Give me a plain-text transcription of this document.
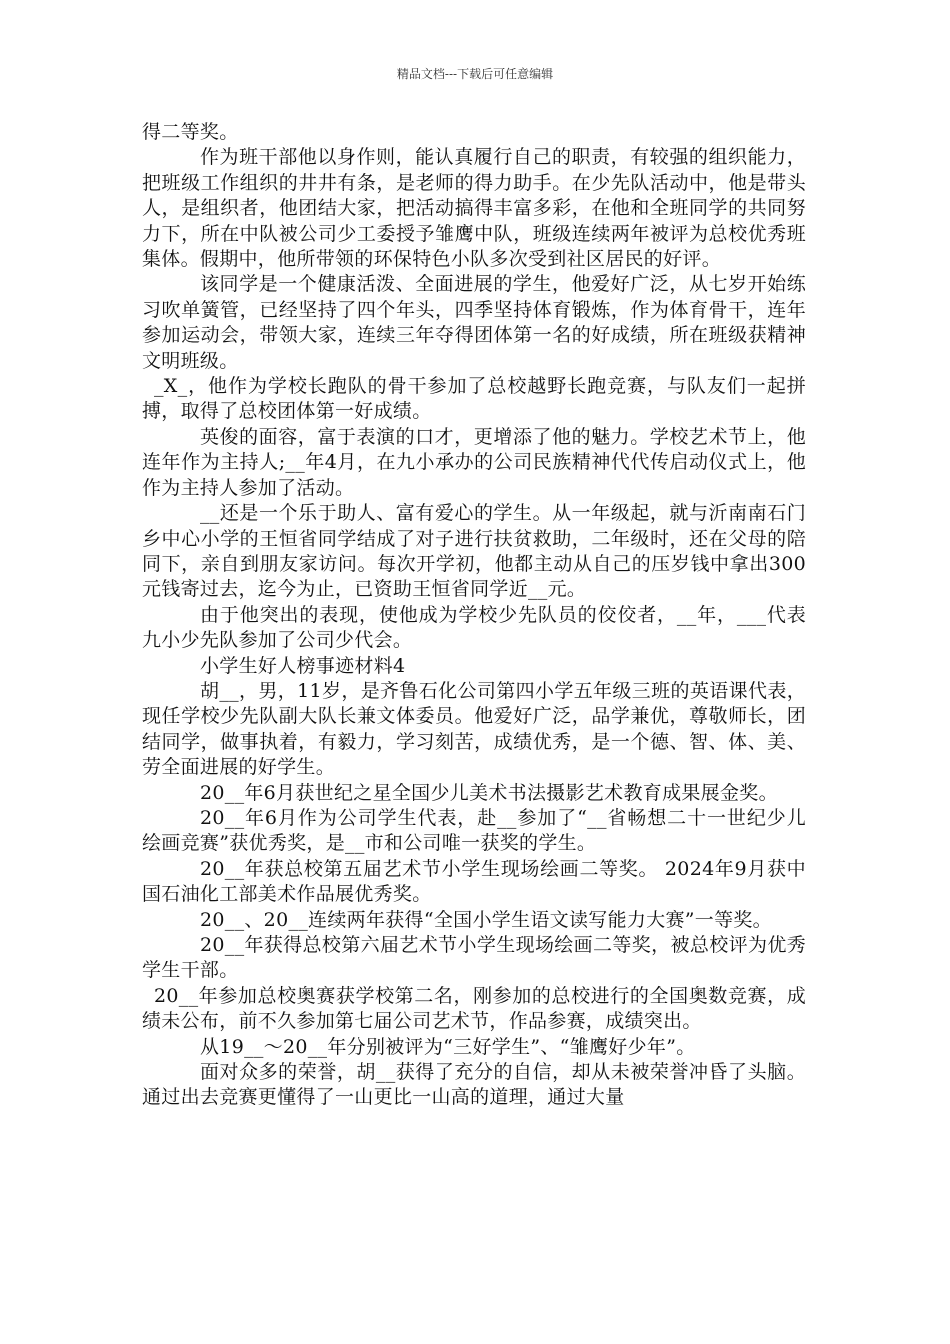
精品文档---下载后可任意编辑

得二等奖。

作为班干部他以身作则，能认真履行自己的职责，有较强的组织能力，把班级工作组织的井井有条，是老师的得力助手。在少先队活动中，他是带头人，是组织者，他团结大家，把活动搞得丰富多彩，在他和全班同学的共同努力下，所在中队被公司少工委授予雏鹰中队，班级连续两年被评为总校优秀班集体。假期中，他所带领的环保特色小队多次受到社区居民的好评。

该同学是一个健康活泼、全面进展的学生，他爱好广泛，从七岁开始练习吹单簧管，已经坚持了四个年头，四季坚持体育锻炼，作为体育骨干，连年参加运动会，带领大家，连续三年夺得团体第一名的好成绩，所在班级获精神文明班级。

_X_，他作为学校长跑队的骨干参加了总校越野长跑竞赛，与队友们一起拼搏，取得了总校团体第一好成绩。

英俊的面容，富于表演的口才，更增添了他的魅力。学校艺术节上，他连年作为主持人;__年4月，在九小承办的公司民族精神代代传启动仪式上，他作为主持人参加了活动。

__还是一个乐于助人、富有爱心的学生。从一年级起，就与沂南南石门乡中心小学的王恒省同学结成了对子进行扶贫救助，二年级时，还在父母的陪同下，亲自到朋友家访问。每次开学初，他都主动从自己的压岁钱中拿出300元钱寄过去，迄今为止，已资助王恒省同学近__元。

由于他突出的表现，使他成为学校少先队员的佼佼者，__年，___代表九小少先队参加了公司少代会。

小学生好人榜事迹材料4

胡__，男，11岁，是齐鲁石化公司第四小学五年级三班的英语课代表，现任学校少先队副大队长兼文体委员。他爱好广泛，品学兼优，尊敬师长，团结同学，做事执着，有毅力，学习刻苦，成绩优秀，是一个德、智、体、美、劳全面进展的好学生。

20__年6月获世纪之星全国少儿美术书法摄影艺术教育成果展金奖。

20__年6月作为公司学生代表，赴__参加了“__省畅想二十一世纪少儿绘画竞赛”获优秀奖，是__市和公司唯一获奖的学生。

20__年获总校第五届艺术节小学生现场绘画二等奖。 2024年9月获中国石油化工部美术作品展优秀奖。

20__、20__连续两年获得“全国小学生语文读写能力大赛”一等奖。

20__年获得总校第六届艺术节小学生现场绘画二等奖，被总校评为优秀学生干部。

20__年参加总校奥赛获学校第二名，刚参加的总校进行的全国奥数竞赛，成绩未公布，前不久参加第七届公司艺术节，作品参赛，成绩突出。

从19__～20__年分别被评为“三好学生”、“雏鹰好少年”。

面对众多的荣誉，胡__获得了充分的自信，却从未被荣誉冲昏了头脑。通过出去竞赛更懂得了一山更比一山高的道理，通过大量
